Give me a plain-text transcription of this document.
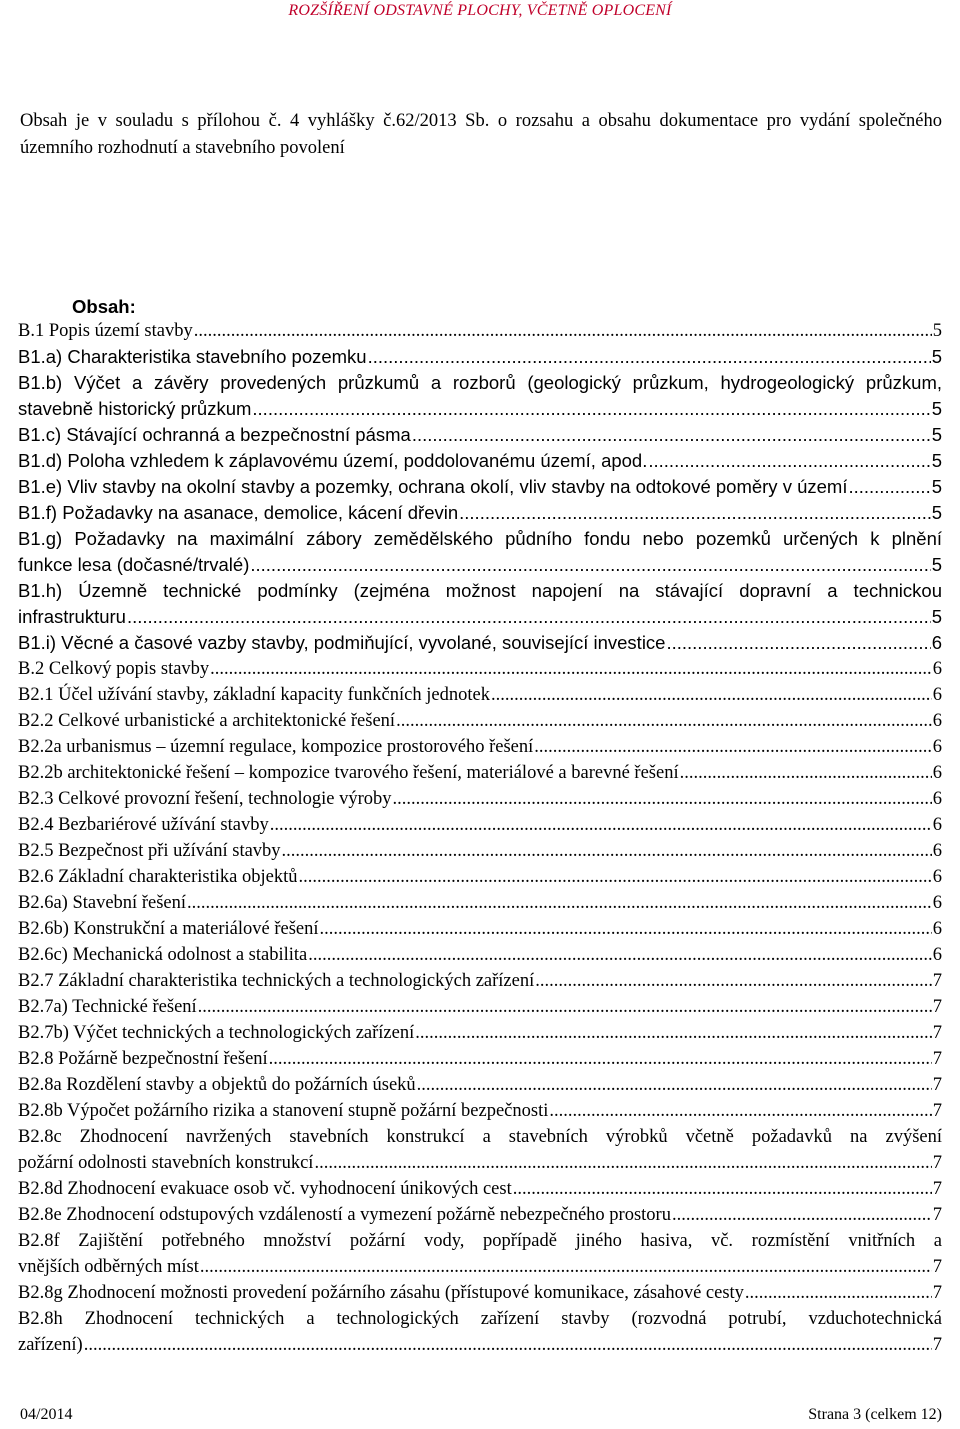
ROZŠÍŘENÍ ODSTAVNÉ PLOCHY, VČETNĚ OPLOCENÍ
Obsah je v souladu s přílohou č. 4 vyhlášky č.62/2013 Sb. o rozsahu a obsahu dokumentace pro vydání společného územního rozhodnutí a stavebního povolení
Obsah:
B.1 Popis území stavby .....	5
B1.a) Charakteristika stavebního pozemku .....	5
B1.b) Výčet a závěry provedených průzkumů a rozborů (geologický průzkum, hydrogeologický průzkum,
stavebně historický průzkum .....	5
B1.c) Stávající ochranná a bezpečnostní pásma .....	5
B1.d) Poloha vzhledem k záplavovému území, poddolovanému území, apod. .....	5
B1.e) Vliv stavby na okolní stavby a pozemky, ochrana okolí, vliv stavby na odtokové poměry v území .....	5
B1.f) Požadavky na asanace, demolice, kácení dřevin .....	5
B1.g) Požadavky na maximální zábory zemědělského půdního fondu nebo pozemků určených k plnění
funkce lesa (dočasné/trvalé) .....	5
B1.h) Územně technické podmínky (zejména možnost napojení na stávající dopravní a technickou
infrastrukturu .....	5
B1.i) Věcné a časové vazby stavby, podmiňující, vyvolané, související investice .....	6
B.2 Celkový popis stavby .....	6
B2.1 Účel užívání stavby, základní kapacity funkčních jednotek .....	6
B2.2 Celkové urbanistické a architektonické řešení .....	6
B2.2a urbanismus – územní regulace, kompozice prostorového řešení .....	6
B2.2b architektonické řešení – kompozice tvarového řešení, materiálové a barevné řešení .....	6
B2.3 Celkové provozní řešení, technologie výroby .....	6
B2.4 Bezbariérové užívání stavby .....	6
B2.5 Bezpečnost při užívání stavby .....	6
B2.6 Základní charakteristika objektů .....	6
B2.6a) Stavební řešení .....	6
B2.6b) Konstrukční a materiálové řešení .....	6
B2.6c) Mechanická odolnost a stabilita .....	6
B2.7 Základní charakteristika technických a technologických zařízení .....	7
B2.7a) Technické řešení .....	7
B2.7b) Výčet technických a technologických zařízení .....	7
B2.8 Požárně bezpečnostní řešení .....	7
B2.8a Rozdělení stavby a objektů do požárních úseků .....	7
B2.8b Výpočet požárního rizika a stanovení stupně požární bezpečnosti .....	7
B2.8c Zhodnocení navržených stavebních konstrukcí a stavebních výrobků včetně požadavků na zvýšení
požární odolnosti stavebních konstrukcí .....	7
B2.8d Zhodnocení evakuace osob vč. vyhodnocení únikových cest .....	7
B2.8e Zhodnocení odstupových vzdáleností a vymezení požárně nebezpečného prostoru .....	7
B2.8f Zajištění potřebného množství požární vody, popřípadě jiného hasiva, vč. rozmístění vnitřních a
vnějších odběrných míst .....	7
B2.8g Zhodnocení možnosti provedení požárního zásahu (přístupové komunikace, zásahové cesty .....	7
B2.8h Zhodnocení technických a technologických zařízení stavby (rozvodná potrubí, vzduchotechnická
zařízení) .....	7
04/2014	Strana 3 (celkem 12)
